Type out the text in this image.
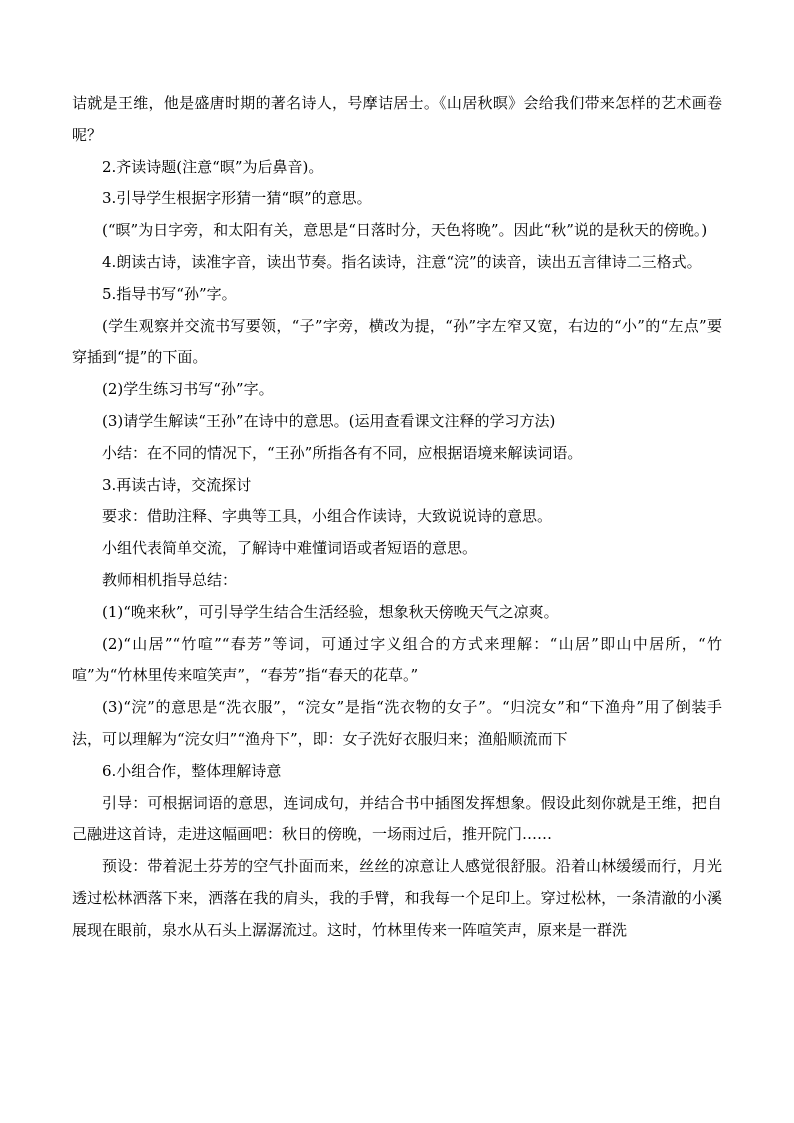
诘就是王维，他是盛唐时期的著名诗人，号摩诘居士。《山居秋暝》会给我们带来怎样的艺术画卷呢？

2.齐读诗题(注意“暝”为后鼻音)。

3.引导学生根据字形猜一猜“暝”的意思。

(“暝”为日字旁，和太阳有关，意思是“日落时分，天色将晚”。因此“秋”说的是秋天的傍晚。)

4.朗读古诗，读准字音，读出节奏。指名读诗，注意“浣”的读音，读出五言律诗二三格式。

5.指导书写“孙”字。

(学生观察并交流书写要领，“子”字旁，横改为提，“孙”字左窄又宽，右边的“小”的“左点”要穿插到“提”的下面。

(2)学生练习书写“孙”字。

(3)请学生解读“王孙”在诗中的意思。(运用查看课文注释的学习方法)

小结：在不同的情况下，“王孙”所指各有不同，应根据语境来解读词语。

3.再读古诗，交流探讨

要求：借助注释、字典等工具，小组合作读诗，大致说说诗的意思。

小组代表简单交流，了解诗中难懂词语或者短语的意思。

教师相机指导总结：

(1)“晚来秋”，可引导学生结合生活经验，想象秋天傍晚天气之凉爽。

(2)“山居”“竹喧”“春芳”等词，可通过字义组合的方式来理解：“山居”即山中居所，“竹喧”为“竹林里传来喧笑声”，“春芳”指“春天的花草。”

(3)“浣”的意思是“洗衣服”，“浣女”是指“洗衣物的女子”。“归浣女”和“下渔舟”用了倒装手法，可以理解为“浣女归”“渔舟下”，即：女子洗好衣服归来；渔船顺流而下

6.小组合作，整体理解诗意

引导：可根据词语的意思，连词成句，并结合书中插图发挥想象。假设此刻你就是王维，把自己融进这首诗，走进这幅画吧：秋日的傍晚，一场雨过后，推开院门……

预设：带着泥土芬芳的空气扑面而来，丝丝的凉意让人感觉很舒服。沿着山林缓缓而行，月光透过松林洒落下来，洒落在我的肩头，我的手臂，和我每一个足印上。穿过松林，一条清澈的小溪展现在眼前，泉水从石头上潺潺流过。这时，竹林里传来一阵喧笑声，原来是一群洗
